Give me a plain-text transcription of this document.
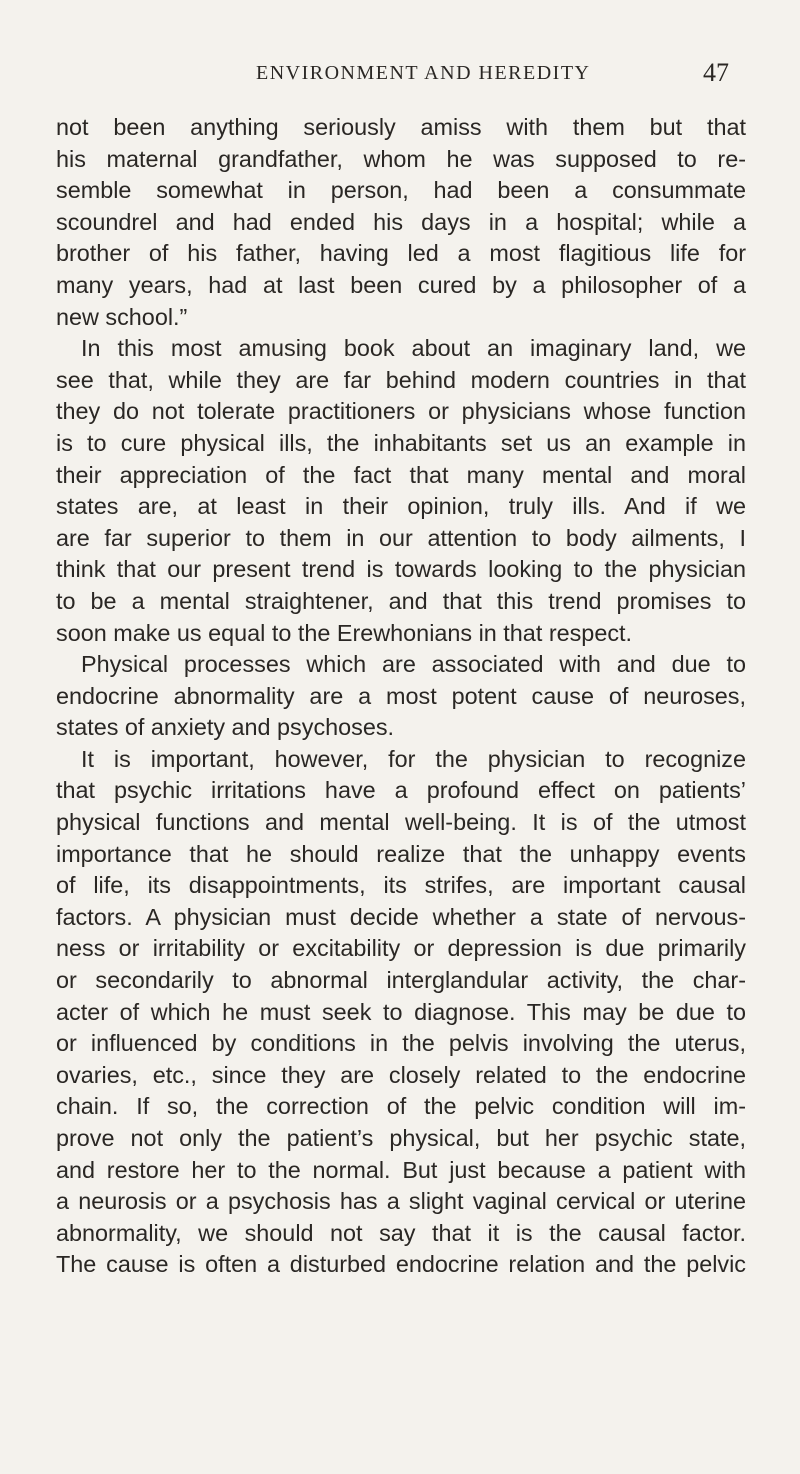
ENVIRONMENT AND HEREDITY	47
not been anything seriously amiss with them but that
his maternal grandfather, whom he was supposed to re-
semble somewhat in person, had been a consummate
scoundrel and had ended his days in a hospital; while a
brother of his father, having led a most flagitious life for
many years, had at last been cured by a philosopher of a
new school.”
In this most amusing book about an imaginary land, we
see that, while they are far behind modern countries in that
they do not tolerate practitioners or physicians whose function
is to cure physical ills, the inhabitants set us an example in
their appreciation of the fact that many mental and moral
states are, at least in their opinion, truly ills. And if we
are far superior to them in our attention to body ailments, I
think that our present trend is towards looking to the physician
to be a mental straightener, and that this trend promises to
soon make us equal to the Erewhonians in that respect.
Physical processes which are associated with and due to
endocrine abnormality are a most potent cause of neuroses,
states of anxiety and psychoses.
It is important, however, for the physician to recognize
that psychic irritations have a profound effect on patients’
physical functions and mental well-being. It is of the utmost
importance that he should realize that the unhappy events
of life, its disappointments, its strifes, are important causal
factors. A physician must decide whether a state of nervous-
ness or irritability or excitability or depression is due primarily
or secondarily to abnormal interglandular activity, the char-
acter of which he must seek to diagnose. This may be due to
or influenced by conditions in the pelvis involving the uterus,
ovaries, etc., since they are closely related to the endocrine
chain. If so, the correction of the pelvic condition will im-
prove not only the patient’s physical, but her psychic state,
and restore her to the normal. But just because a patient with
a neurosis or a psychosis has a slight vaginal cervical or uterine
abnormality, we should not say that it is the causal factor.
The cause is often a disturbed endocrine relation and the pelvic
